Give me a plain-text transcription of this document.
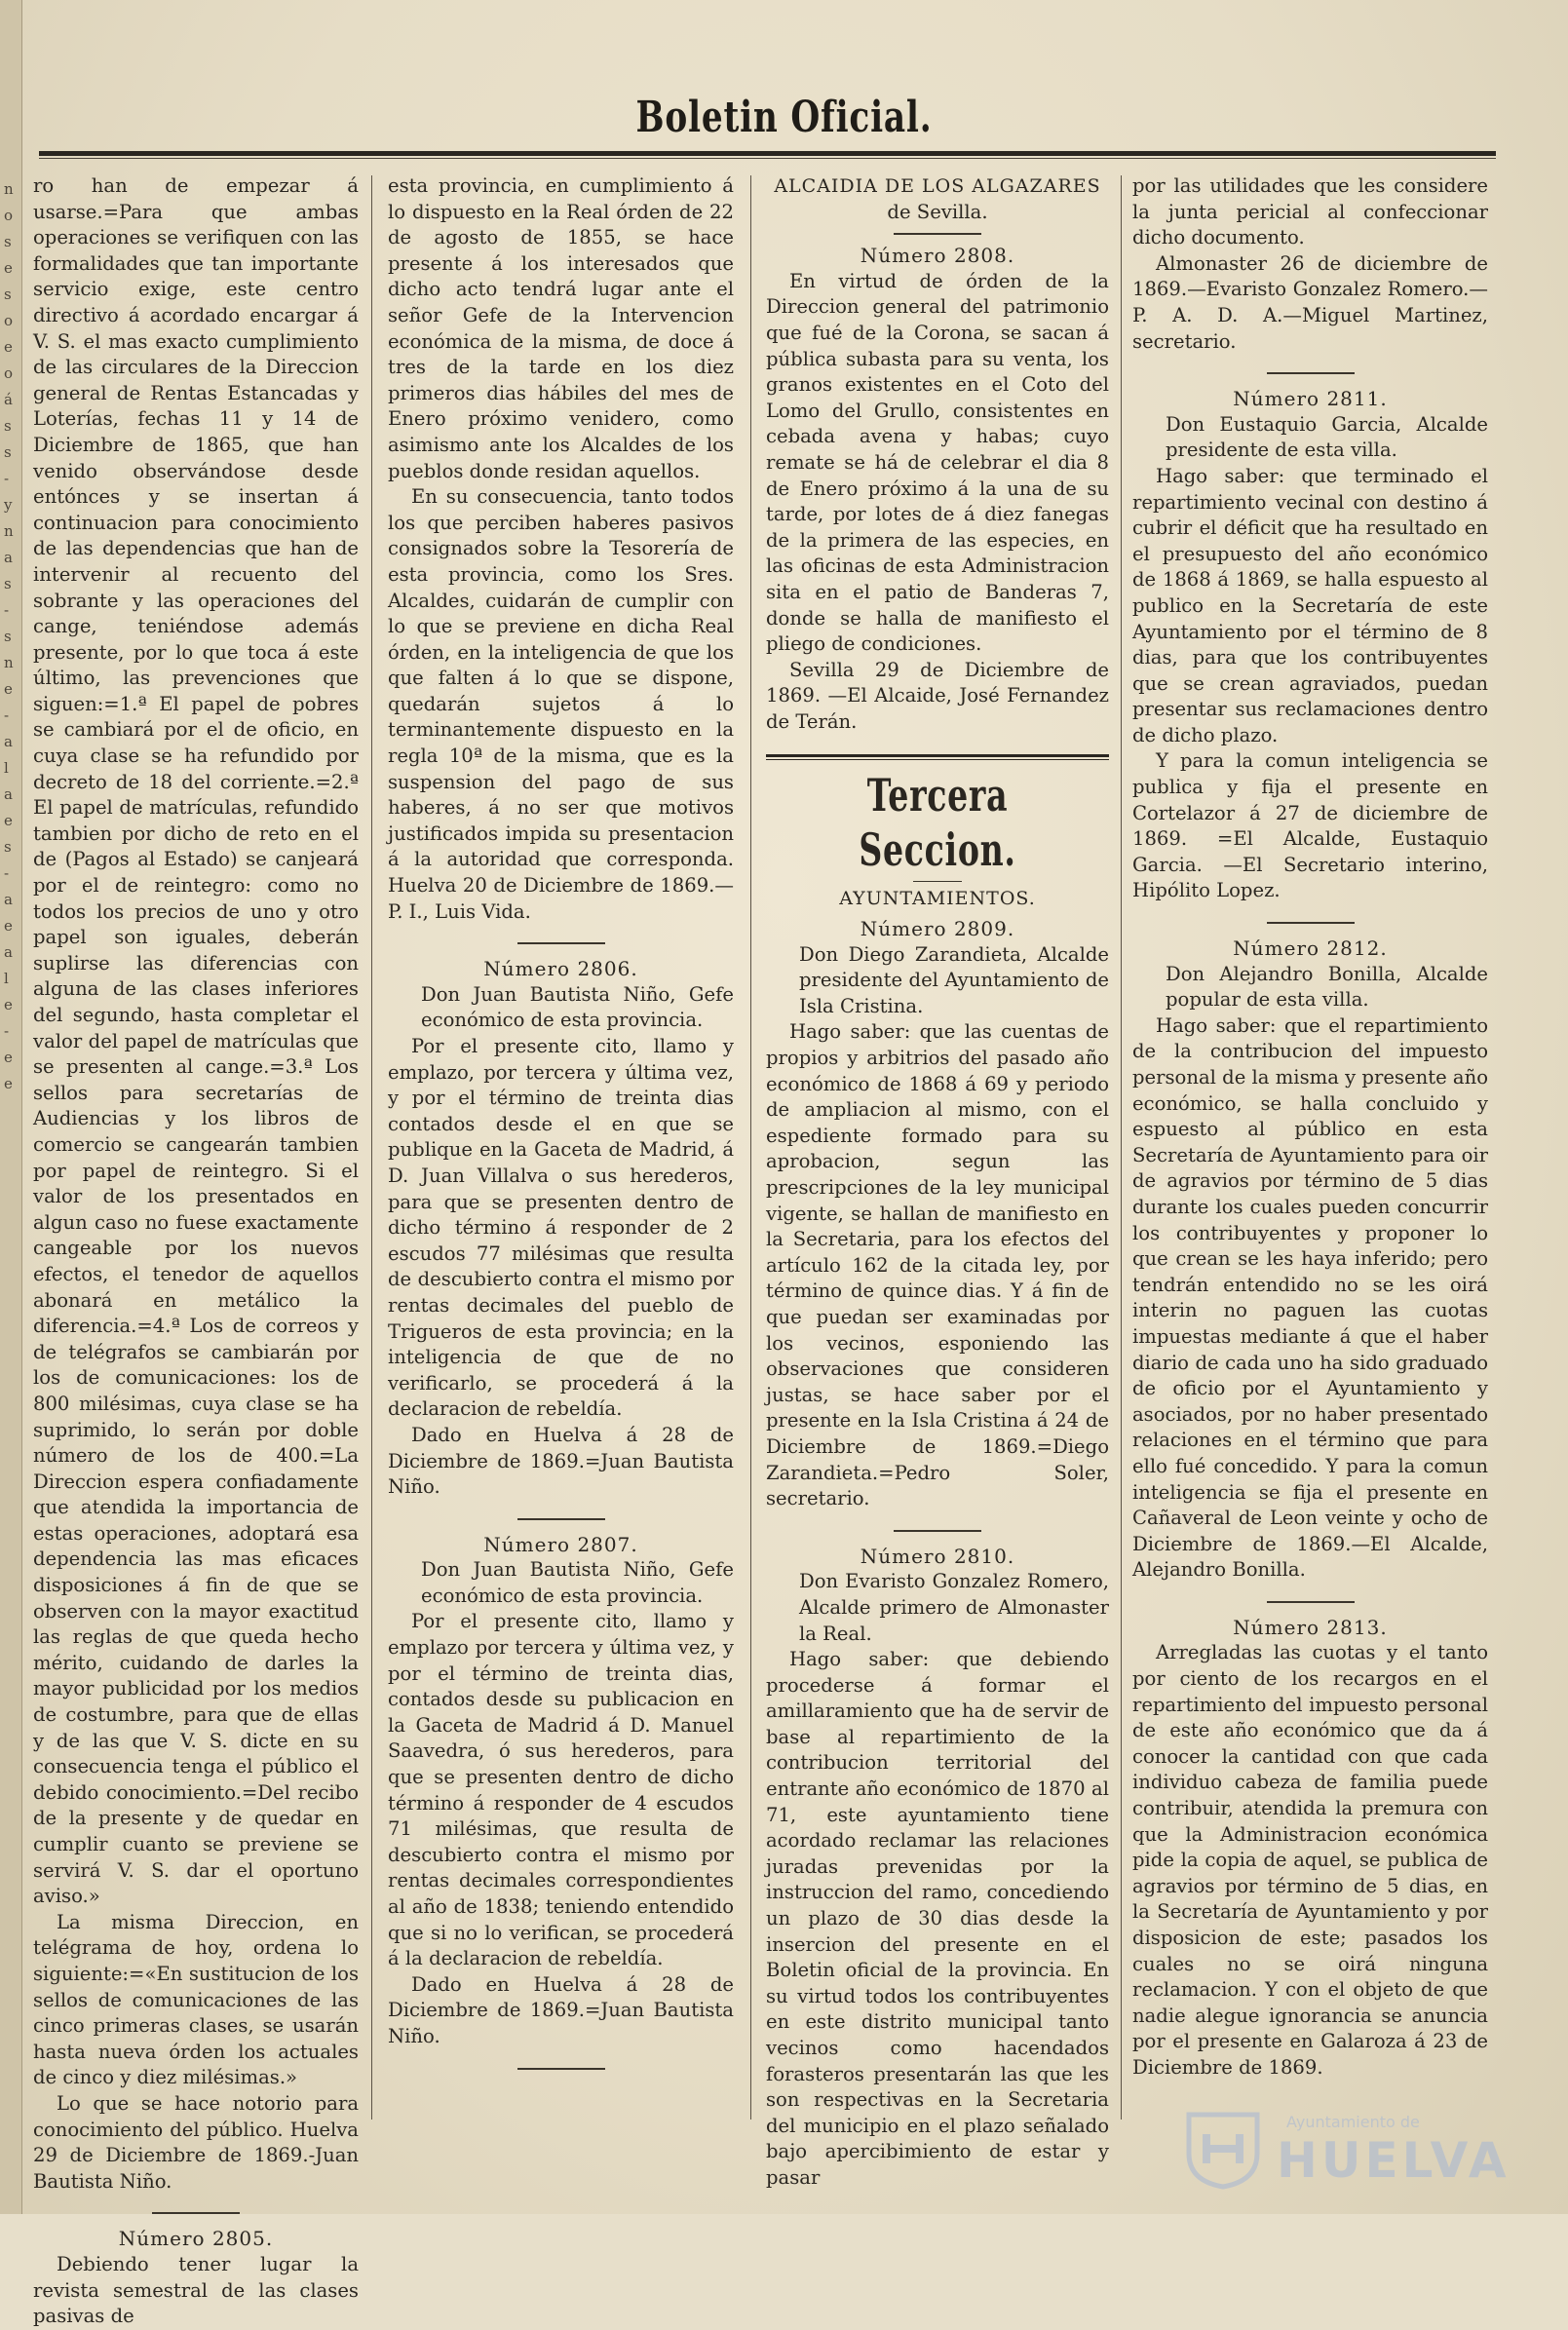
n
o
s
e
s
o
e
o
á
s
s
-
y
n
a
s
-
s
n
e
-
a
l
a
e
s
-
a
e
a
l
e
-
e
e
Boletin Oficial.

ro han de empezar á usarse.=Para que ambas operaciones se verifiquen con las formalidades que tan importante servicio exige, este centro directivo á acordado encargar á V. S. el mas exacto cumplimiento de las circulares de la Direccion general de Rentas Estancadas y Loterías, fechas 11 y 14 de Diciembre de 1865, que han venido observándose desde entónces y se insertan á continuacion para conocimiento de las dependencias que han de intervenir al recuento del sobrante y las operaciones del cange, teniéndose además presente, por lo que toca á este último, las prevenciones que siguen:=1.ª El papel de pobres se cambiará por el de oficio, en cuya clase se ha refundido por decreto de 18 del corriente.=2.ª El papel de matrículas, refundido tambien por dicho de reto en el de (Pagos al Estado) se canjeará por el de reintegro: como no todos los precios de uno y otro papel son iguales, deberán suplirse las diferencias con alguna de las clases inferiores del segundo, hasta completar el valor del papel de matrículas que se presenten al cange.=3.ª Los sellos para secretarías de Audiencias y los libros de comercio se cangearán tambien por papel de reintegro. Si el valor de los presentados en algun caso no fuese exactamente cangeable por los nuevos efectos, el tenedor de aquellos abonará en metálico la diferencia.=4.ª Los de correos y de telégrafos se cambiarán por los de comunicaciones: los de 800 milésimas, cuya clase se ha suprimido, lo serán por doble número de los de 400.=La Direccion espera confiadamente que atendida la importancia de estas operaciones, adoptará esa dependencia las mas eficaces disposiciones á fin de que se observen con la mayor exactitud las reglas de que queda hecho mérito, cuidando de darles la mayor publicidad por los medios de costumbre, para que de ellas y de las que V. S. dicte en su consecuencia tenga el público el debido conocimiento.=Del recibo de la presente y de quedar en cumplir cuanto se previene se servirá V. S. dar el oportuno aviso.»

La misma Direccion, en telégrama de hoy, ordena lo siguiente:=«En sustitucion de los sellos de comunicaciones de las cinco primeras clases, se usarán hasta nueva órden los actuales de cinco y diez milésimas.»

Lo que se hace notorio para conocimiento del público. Huelva 29 de Diciembre de 1869.-Juan Bautista Niño.

Número 2805.

Debiendo tener lugar la revista semestral de las clases pasivas de

esta provincia, en cumplimiento á lo dispuesto en la Real órden de 22 de agosto de 1855, se hace presente á los interesados que dicho acto tendrá lugar ante el señor Gefe de la Intervencion económica de la misma, de doce á tres de la tarde en los diez primeros dias hábiles del mes de Enero próximo venidero, como asimismo ante los Alcaldes de los pueblos donde residan aquellos.

En su consecuencia, tanto todos los que perciben haberes pasivos consignados sobre la Tesorería de esta provincia, como los Sres. Alcaldes, cuidarán de cumplir con lo que se previene en dicha Real órden, en la inteligencia de que los que falten á lo que se dispone, quedarán sujetos á lo terminantemente dispuesto en la regla 10ª de la misma, que es la suspension del pago de sus haberes, á no ser que motivos justificados impida su presentacion á la autoridad que corresponda. Huelva 20 de Diciembre de 1869.—P. I., Luis Vida.

Número 2806.

Don Juan Bautista Niño, Gefe económico de esta provincia.

Por el presente cito, llamo y emplazo, por tercera y última vez, y por el término de treinta dias contados desde el en que se publique en la Gaceta de Madrid, á D. Juan Villalva o sus herederos, para que se presenten dentro de dicho término á responder de 2 escudos 77 milésimas que resulta de descubierto contra el mismo por rentas decimales del pueblo de Trigueros de esta provincia; en la inteligencia de que de no verificarlo, se procederá á la declaracion de rebeldía.

Dado en Huelva á 28 de Diciembre de 1869.=Juan Bautista Niño.

Número 2807.

Don Juan Bautista Niño, Gefe económico de esta provincia.

Por el presente cito, llamo y emplazo por tercera y última vez, y por el término de treinta dias, contados desde su publicacion en la Gaceta de Madrid á D. Manuel Saavedra, ó sus herederos, para que se presenten dentro de dicho término á responder de 4 escudos 71 milésimas, que resulta de descubierto contra el mismo por rentas decimales correspondientes al año de 1838; teniendo entendido que si no lo verifican, se procederá á la declaracion de rebeldía.

Dado en Huelva á 28 de Diciembre de 1869.=Juan Bautista Niño.

ALCAIDIA DE LOS ALGAZARES

de Sevilla.

Número 2808.

En virtud de órden de la Direccion general del patrimonio que fué de la Corona, se sacan á pública subasta para su venta, los granos existentes en el Coto del Lomo del Grullo, consistentes en cebada avena y habas; cuyo remate se há de celebrar el dia 8 de Enero próximo á la una de su tarde, por lotes de á diez fanegas de la primera de las especies, en las oficinas de esta Administracion sita en el patio de Banderas 7, donde se halla de manifiesto el pliego de condiciones.

Sevilla 29 de Diciembre de 1869. —El Alcaide, José Fernandez de Terán.

Tercera Seccion.

AYUNTAMIENTOS.

Número 2809.

Don Diego Zarandieta, Alcalde presidente del Ayuntamiento de Isla Cristina.

Hago saber: que las cuentas de propios y arbitrios del pasado año económico de 1868 á 69 y periodo de ampliacion al mismo, con el espediente formado para su aprobacion, segun las prescripciones de la ley municipal vigente, se hallan de manifiesto en la Secretaria, para los efectos del artículo 162 de la citada ley, por término de quince dias. Y á fin de que puedan ser examinadas por los vecinos, esponiendo las observaciones que consideren justas, se hace saber por el presente en la Isla Cristina á 24 de Diciembre de 1869.=Diego Zarandieta.=Pedro Soler, secretario.

Número 2810.

Don Evaristo Gonzalez Romero, Alcalde primero de Almonaster la Real.

Hago saber: que debiendo procederse á formar el amillaramiento que ha de servir de base al repartimiento de la contribucion territorial del entrante año económico de 1870 al 71, este ayuntamiento tiene acordado reclamar las relaciones juradas prevenidas por la instruccion del ramo, concediendo un plazo de 30 dias desde la insercion del presente en el Boletin oficial de la provincia. En su virtud todos los contribuyentes en este distrito municipal tanto vecinos como hacendados forasteros presentarán las que les son respectivas en la Secretaria del municipio en el plazo señalado bajo apercibimiento de estar y pasar

por las utilidades que les considere la junta pericial al confeccionar dicho documento.

Almonaster 26 de diciembre de 1869.—Evaristo Gonzalez Romero.—P. A. D. A.—Miguel Martinez, secretario.

Número 2811.

Don Eustaquio Garcia, Alcalde presidente de esta villa.

Hago saber: que terminado el repartimiento vecinal con destino á cubrir el déficit que ha resultado en el presupuesto del año económico de 1868 á 1869, se halla espuesto al publico en la Secretaría de este Ayuntamiento por el término de 8 dias, para que los contribuyentes que se crean agraviados, puedan presentar sus reclamaciones dentro de dicho plazo.

Y para la comun inteligencia se publica y fija el presente en Cortelazor á 27 de diciembre de 1869. =El Alcalde, Eustaquio Garcia. —El Secretario interino, Hipólito Lopez.

Número 2812.

Don Alejandro Bonilla, Alcalde popular de esta villa.

Hago saber: que el repartimiento de la contribucion del impuesto personal de la misma y presente año económico, se halla concluido y espuesto al público en esta Secretaría de Ayuntamiento para oir de agravios por término de 5 dias durante los cuales pueden concurrir los contribuyentes y proponer lo que crean se les haya inferido; pero tendrán entendido no se les oirá interin no paguen las cuotas impuestas mediante á que el haber diario de cada uno ha sido graduado de oficio por el Ayuntamiento y asociados, por no haber presentado relaciones en el término que para ello fué concedido. Y para la comun inteligencia se fija el presente en Cañaveral de Leon veinte y ocho de Diciembre de 1869.—El Alcalde, Alejandro Bonilla.

Número 2813.

Arregladas las cuotas y el tanto por ciento de los recargos en el repartimiento del impuesto personal de este año económico que da á conocer la cantidad con que cada individuo cabeza de familia puede contribuir, atendida la premura con que la Administracion económica pide la copia de aquel, se publica de agravios por término de 5 dias, en la Secretaría de Ayuntamiento y por disposicion de este; pasados los cuales no se oirá ninguna reclamacion. Y con el objeto de que nadie alegue ignorancia se anuncia por el presente en Galaroza á 23 de Diciembre de 1869.

Ayuntamiento de
HUELVA
